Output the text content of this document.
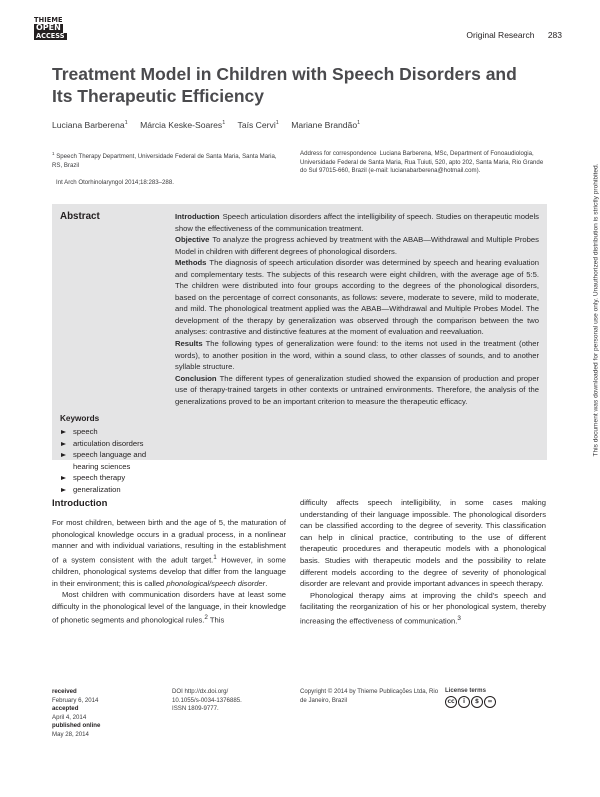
THIEME
OPEN
ACCESS	Original Research 283
Treatment Model in Children with Speech Disorders and Its Therapeutic Efficiency
Luciana Barberena$^1$ Márcia Keske-Soares$^1$ Taís Cervi$^1$ Mariane Brandão$^1$
$^1$ Speech Therapy Department, Universidade Federal de Santa Maria, Santa Maria, RS, Brazil
Int Arch Otorhinolaryngol 2014;18:283–288.
Address for correspondence Luciana Barberena, MSc, Department of Fonoaudiologia, Universidade Federal de Santa Maria, Rua Tuiuti, 520, apto 202, Santa Maria, Rio Grande do Sul 97015-660, Brazil (e-mail: lucianabarberena@hotmail.com).
Abstract	Introduction Speech articulation disorders affect the intelligibility of speech. Studies on therapeutic models show the effectiveness of the communication treatment.

Objective To analyze the progress achieved by treatment with the ABAB—Withdrawal and Multiple Probes Model in children with different degrees of phonological disorders.

Methods The diagnosis of speech articulation disorder was determined by speech and hearing evaluation and complementary tests. The subjects of this research were eight children, with the average age of 5:5. The children were distributed into four groups according to the degrees of the phonological disorders, based on the percentage of correct consonants, as follows: severe, moderate to severe, mild to moderate, and mild. The phonological treatment applied was the ABAB—Withdrawal and Multiple Probes Model. The development of the therapy by generalization was observed through the comparison between the two analyses: contrastive and distinctive features at the moment of evaluation and reevaluation.

Results The following types of generalization were found: to the items not used in the treatment (other words), to another position in the word, within a sound class, to other classes of sounds, and to another syllable structure.

Conclusion The different types of generalization studied showed the expansion of production and proper use of therapy-trained targets in other contexts or untrained environments. Therefore, the analysis of the generalizations proved to be an important criterion to measure the therapeutic efficacy.

Keywords
speech
articulation disorders
speech language and hearing sciences
speech therapy
generalization
Introduction

For most children, between birth and the age of 5, the maturation of phonological knowledge occurs in a gradual process, in a nonlinear manner and with individual variations, resulting in the establishment of a system consistent with the adult target.$^1$ However, in some children, phonological systems develop that differ from the language in their environment; this is called phonological/speech disorder.

Most children with communication disorders have at least some difficulty in the phonological level of the language, in their knowledge of phonetic segments and phonological rules.$^2$ This

difficulty affects speech intelligibility, in some cases making understanding of their language impossible. The phonological disorders can be classified according to the degree of severity. This classification can help in clinical practice, contributing to the use of different therapeutic procedures and therapeutic models with a phonological basis. Studies with therapeutic models and the possibility to relate different models according to the degree of severity of phonological disorder are relevant and provide important advances in speech therapy.

Phonological therapy aims at improving the child’s speech and facilitating the reorganization of his or her phonological system, thereby increasing the effectiveness of communication.$^3$

received
February 6, 2014
accepted
April 4, 2014
published online
May 28, 2014
DOI http://dx.doi.org/
10.1055/s-0034-1376885.
ISSN 1809-9777.
Copyright © 2014 by Thieme Publicações Ltda, Rio de Janeiro, Brazil
License terms
cc	i	$	=
This document was downloaded for personal use only. Unauthorized distribution is strictly prohibited.
